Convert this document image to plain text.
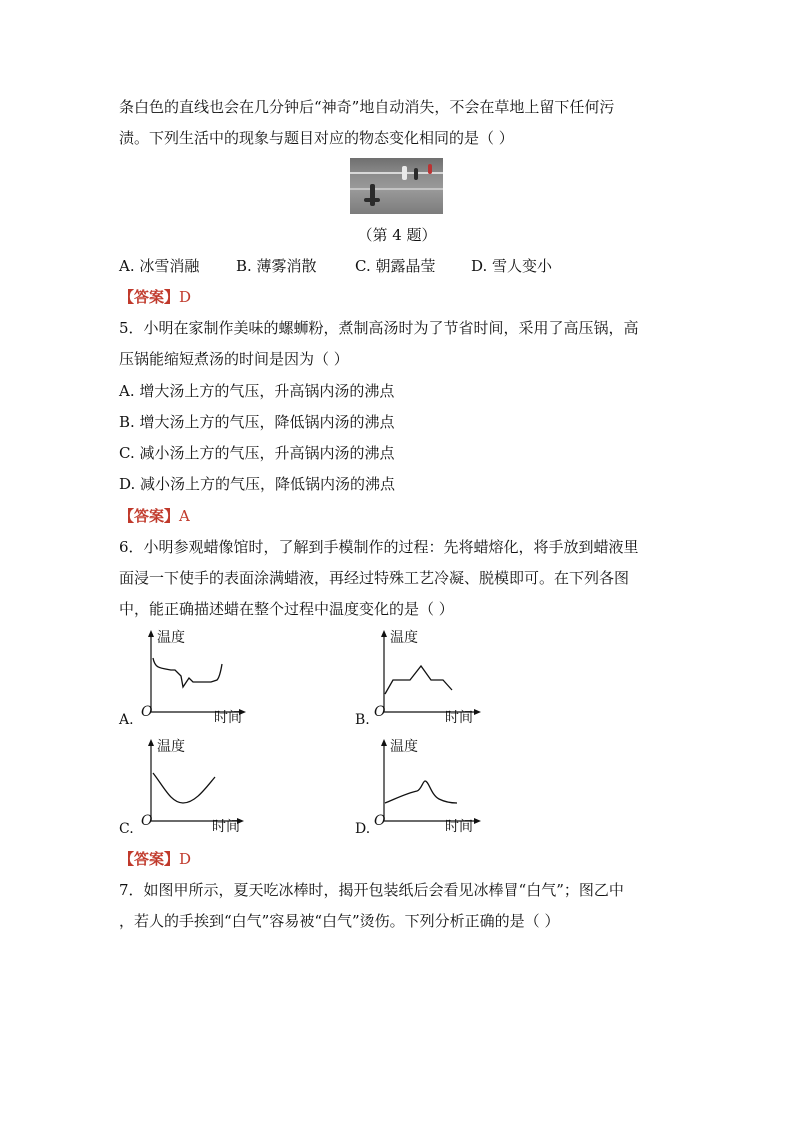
条白色的直线也会在几分钟后“神奇”地自动消失，不会在草地上留下任何污
渍。下列生活中的现象与题目对应的物态变化相同的是（ ）
（第 4 题）
A. 冰雪消融 B. 薄雾消散	C. 朝露晶莹 D. 雪人变小
【答案】D
5．小明在家制作美味的螺蛳粉，煮制高汤时为了节省时间，采用了高压锅，高
压锅能缩短煮汤的时间是因为（ ）
A. 增大汤上方的气压，升高锅内汤的沸点
B. 增大汤上方的气压，降低锅内汤的沸点
C. 减小汤上方的气压，升高锅内汤的沸点
D. 减小汤上方的气压，降低锅内汤的沸点
【答案】A
6．小明参观蜡像馆时，了解到手模制作的过程：先将蜡熔化，将手放到蜡液里
面浸一下使手的表面涂满蜡液，再经过特殊工艺冷凝、脱模即可。在下列各图
中，能正确描述蜡在整个过程中温度变化的是（ ）
温度
时间
O
A.
温度
时间
O
B.
温度
时间
O
C.
温度
时间
O
D.
【答案】D
7．如图甲所示，夏天吃冰棒时，揭开包装纸后会看见冰棒冒“白气”；图乙中
，若人的手挨到“白气”容易被“白气”烫伤。下列分析正确的是（ ）
